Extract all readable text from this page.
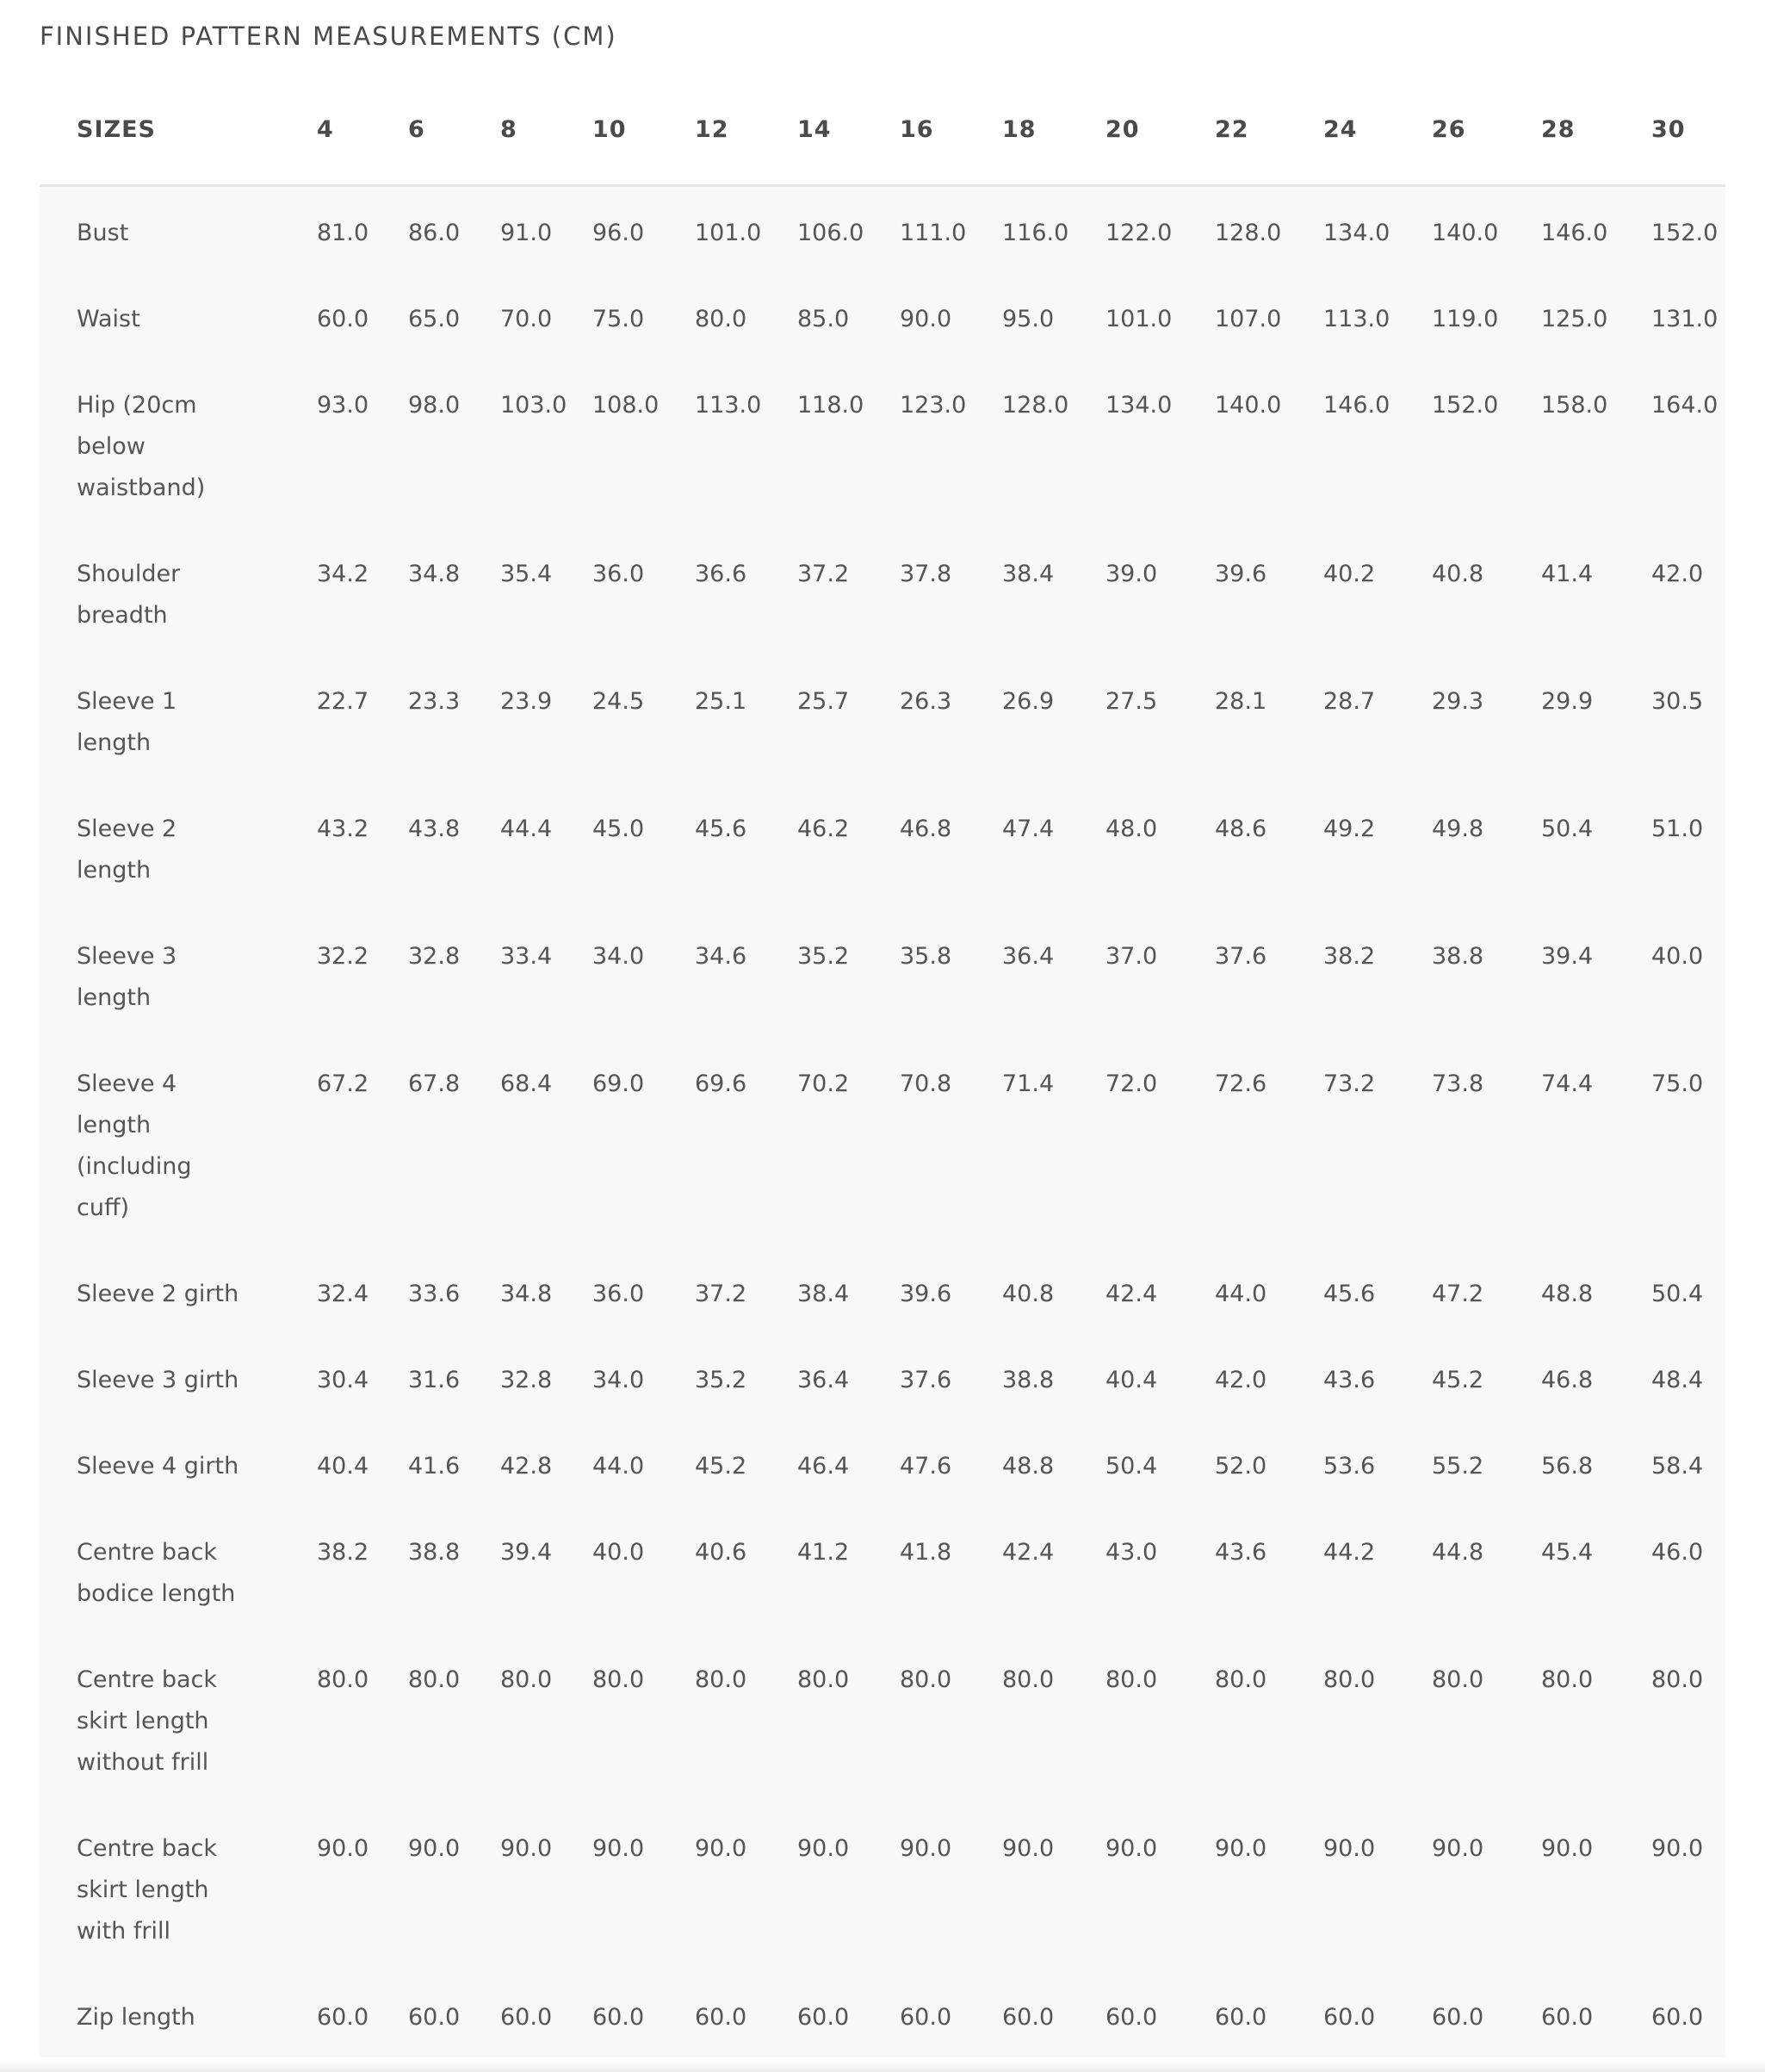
FINISHED PATTERN MEASUREMENTS (CM)
SIZES	4	6	8	10	12	14	16	18	20	22	24	26	28	30

Bust	81.0	86.0	91.0	96.0	101.0	106.0	111.0	116.0	122.0	128.0	134.0	140.0	146.0	152.0

Waist	60.0	65.0	70.0	75.0	80.0	85.0	90.0	95.0	101.0	107.0	113.0	119.0	125.0	131.0

Hip (20cm
below
waistband)	93.0	98.0	103.0	108.0	113.0	118.0	123.0	128.0	134.0	140.0	146.0	152.0	158.0	164.0

Shoulder
breadth	34.2	34.8	35.4	36.0	36.6	37.2	37.8	38.4	39.0	39.6	40.2	40.8	41.4	42.0

Sleeve 1
length	22.7	23.3	23.9	24.5	25.1	25.7	26.3	26.9	27.5	28.1	28.7	29.3	29.9	30.5

Sleeve 2
length	43.2	43.8	44.4	45.0	45.6	46.2	46.8	47.4	48.0	48.6	49.2	49.8	50.4	51.0

Sleeve 3
length	32.2	32.8	33.4	34.0	34.6	35.2	35.8	36.4	37.0	37.6	38.2	38.8	39.4	40.0

Sleeve 4
length
(including
cuff)	67.2	67.8	68.4	69.0	69.6	70.2	70.8	71.4	72.0	72.6	73.2	73.8	74.4	75.0

Sleeve 2 girth	32.4	33.6	34.8	36.0	37.2	38.4	39.6	40.8	42.4	44.0	45.6	47.2	48.8	50.4

Sleeve 3 girth	30.4	31.6	32.8	34.0	35.2	36.4	37.6	38.8	40.4	42.0	43.6	45.2	46.8	48.4

Sleeve 4 girth	40.4	41.6	42.8	44.0	45.2	46.4	47.6	48.8	50.4	52.0	53.6	55.2	56.8	58.4

Centre back
bodice length	38.2	38.8	39.4	40.0	40.6	41.2	41.8	42.4	43.0	43.6	44.2	44.8	45.4	46.0

Centre back
skirt length
without frill	80.0	80.0	80.0	80.0	80.0	80.0	80.0	80.0	80.0	80.0	80.0	80.0	80.0	80.0

Centre back
skirt length
with frill	90.0	90.0	90.0	90.0	90.0	90.0	90.0	90.0	90.0	90.0	90.0	90.0	90.0	90.0

Zip length	60.0	60.0	60.0	60.0	60.0	60.0	60.0	60.0	60.0	60.0	60.0	60.0	60.0	60.0
